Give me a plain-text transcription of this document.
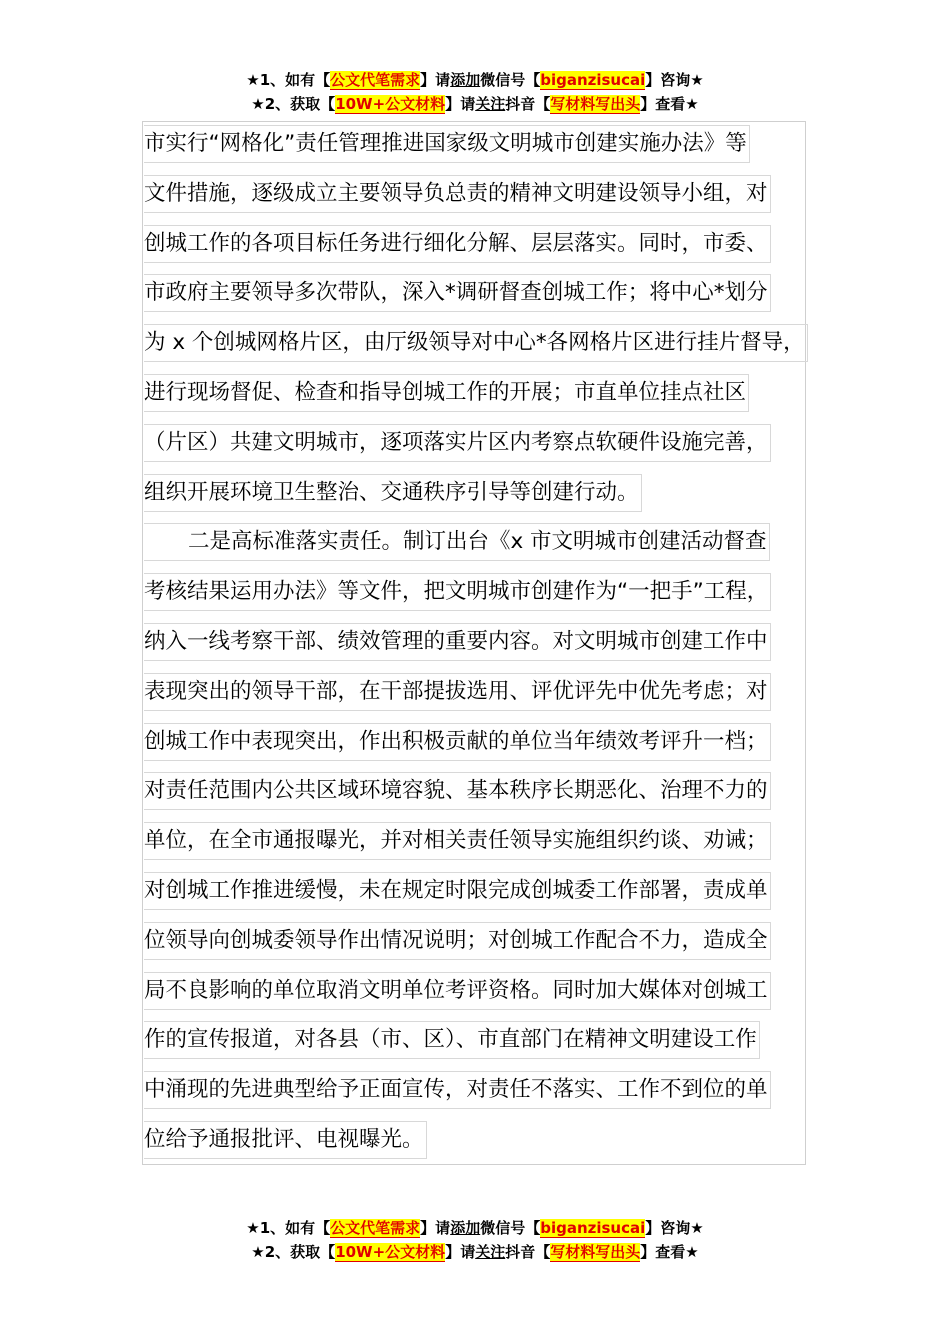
★1、如有【公文代笔需求】请添加微信号【biganzisucai】咨询★
★2、获取【10W+公文材料】请关注抖音【写材料写出头】查看★
市实行“网格化”责任管理推进国家级文明城市创建实施办法》等
文件措施，逐级成立主要领导负总责的精神文明建设领导小组，对
创城工作的各项目标任务进行细化分解、层层落实。同时，市委、
市政府主要领导多次带队，深入*调研督查创城工作；将中心*划分
为 x 个创城网格片区，由厅级领导对中心*各网格片区进行挂片督导，
进行现场督促、检查和指导创城工作的开展；市直单位挂点社区
（片区）共建文明城市，逐项落实片区内考察点软硬件设施完善，
组织开展环境卫生整治、交通秩序引导等创建行动。
二是高标准落实责任。制订出台《x 市文明城市创建活动督查
考核结果运用办法》等文件，把文明城市创建作为“一把手”工程，
纳入一线考察干部、绩效管理的重要内容。对文明城市创建工作中
表现突出的领导干部，在干部提拔选用、评优评先中优先考虑；对
创城工作中表现突出，作出积极贡献的单位当年绩效考评升一档；
对责任范围内公共区域环境容貌、基本秩序长期恶化、治理不力的
单位，在全市通报曝光，并对相关责任领导实施组织约谈、劝诫；
对创城工作推进缓慢，未在规定时限完成创城委工作部署，责成单
位领导向创城委领导作出情况说明；对创城工作配合不力，造成全
局不良影响的单位取消文明单位考评资格。同时加大媒体对创城工
作的宣传报道，对各县（市、区）、市直部门在精神文明建设工作
中涌现的先进典型给予正面宣传，对责任不落实、工作不到位的单
位给予通报批评、电视曝光。
★1、如有【公文代笔需求】请添加微信号【biganzisucai】咨询★
★2、获取【10W+公文材料】请关注抖音【写材料写出头】查看★
